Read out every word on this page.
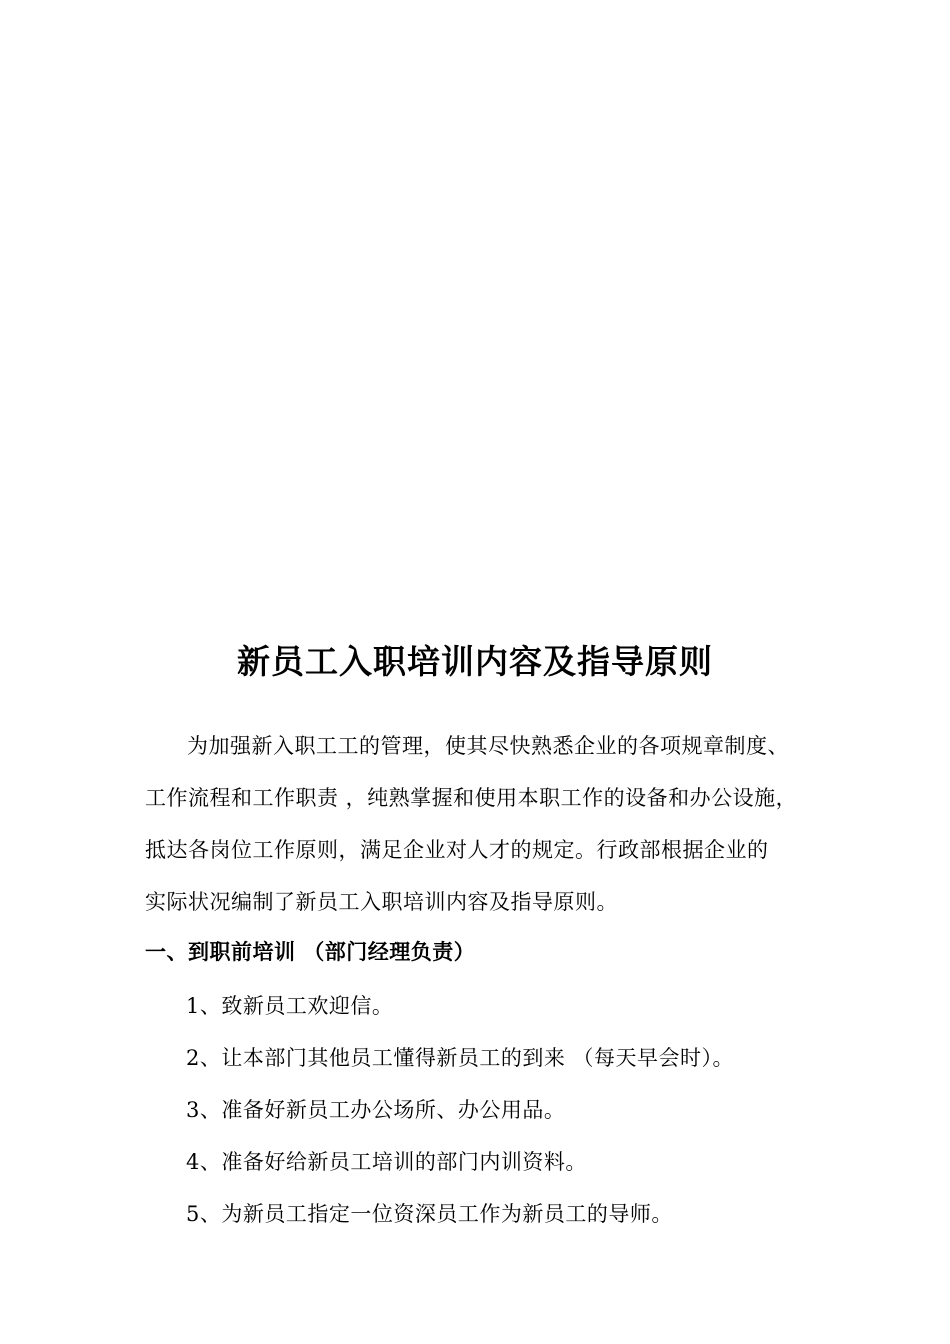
新员工入职培训内容及指导原则

为加强新入职工工的管理，使其尽快熟悉企业的各项规章制度、

工作流程和工作职责 ，纯熟掌握和使用本职工作的设备和办公设施，

抵达各岗位工作原则，满足企业对人才的规定。行政部根据企业的

实际状况编制了新员工入职培训内容及指导原则。

一、到职前培训 （部门经理负责）
1、致新员工欢迎信。
2、让本部门其他员工懂得新员工的到来 （每天早会时）。
3、准备好新员工办公场所、办公用品。
4、准备好给新员工培训的部门内训资料。
5、为新员工指定一位资深员工作为新员工的导师。
